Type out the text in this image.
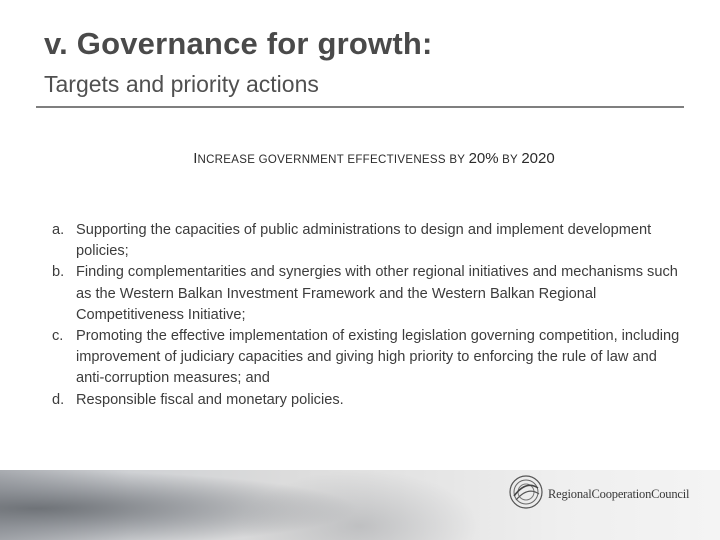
v. Governance for growth:
Targets and priority actions
INCREASE GOVERNMENT EFFECTIVENESS BY 20% BY 2020
a. Supporting the capacities of public administrations to design and implement development policies;
b. Finding complementarities and synergies with other regional initiatives and mechanisms such as the Western Balkan Investment Framework and the Western Balkan Regional Competitiveness Initiative;
c. Promoting the effective implementation of existing legislation governing competition, including improvement of judiciary capacities and giving high priority to enforcing the rule of law and anti-corruption measures; and
d. Responsible fiscal and monetary policies.
RegionalCooperationCouncil
